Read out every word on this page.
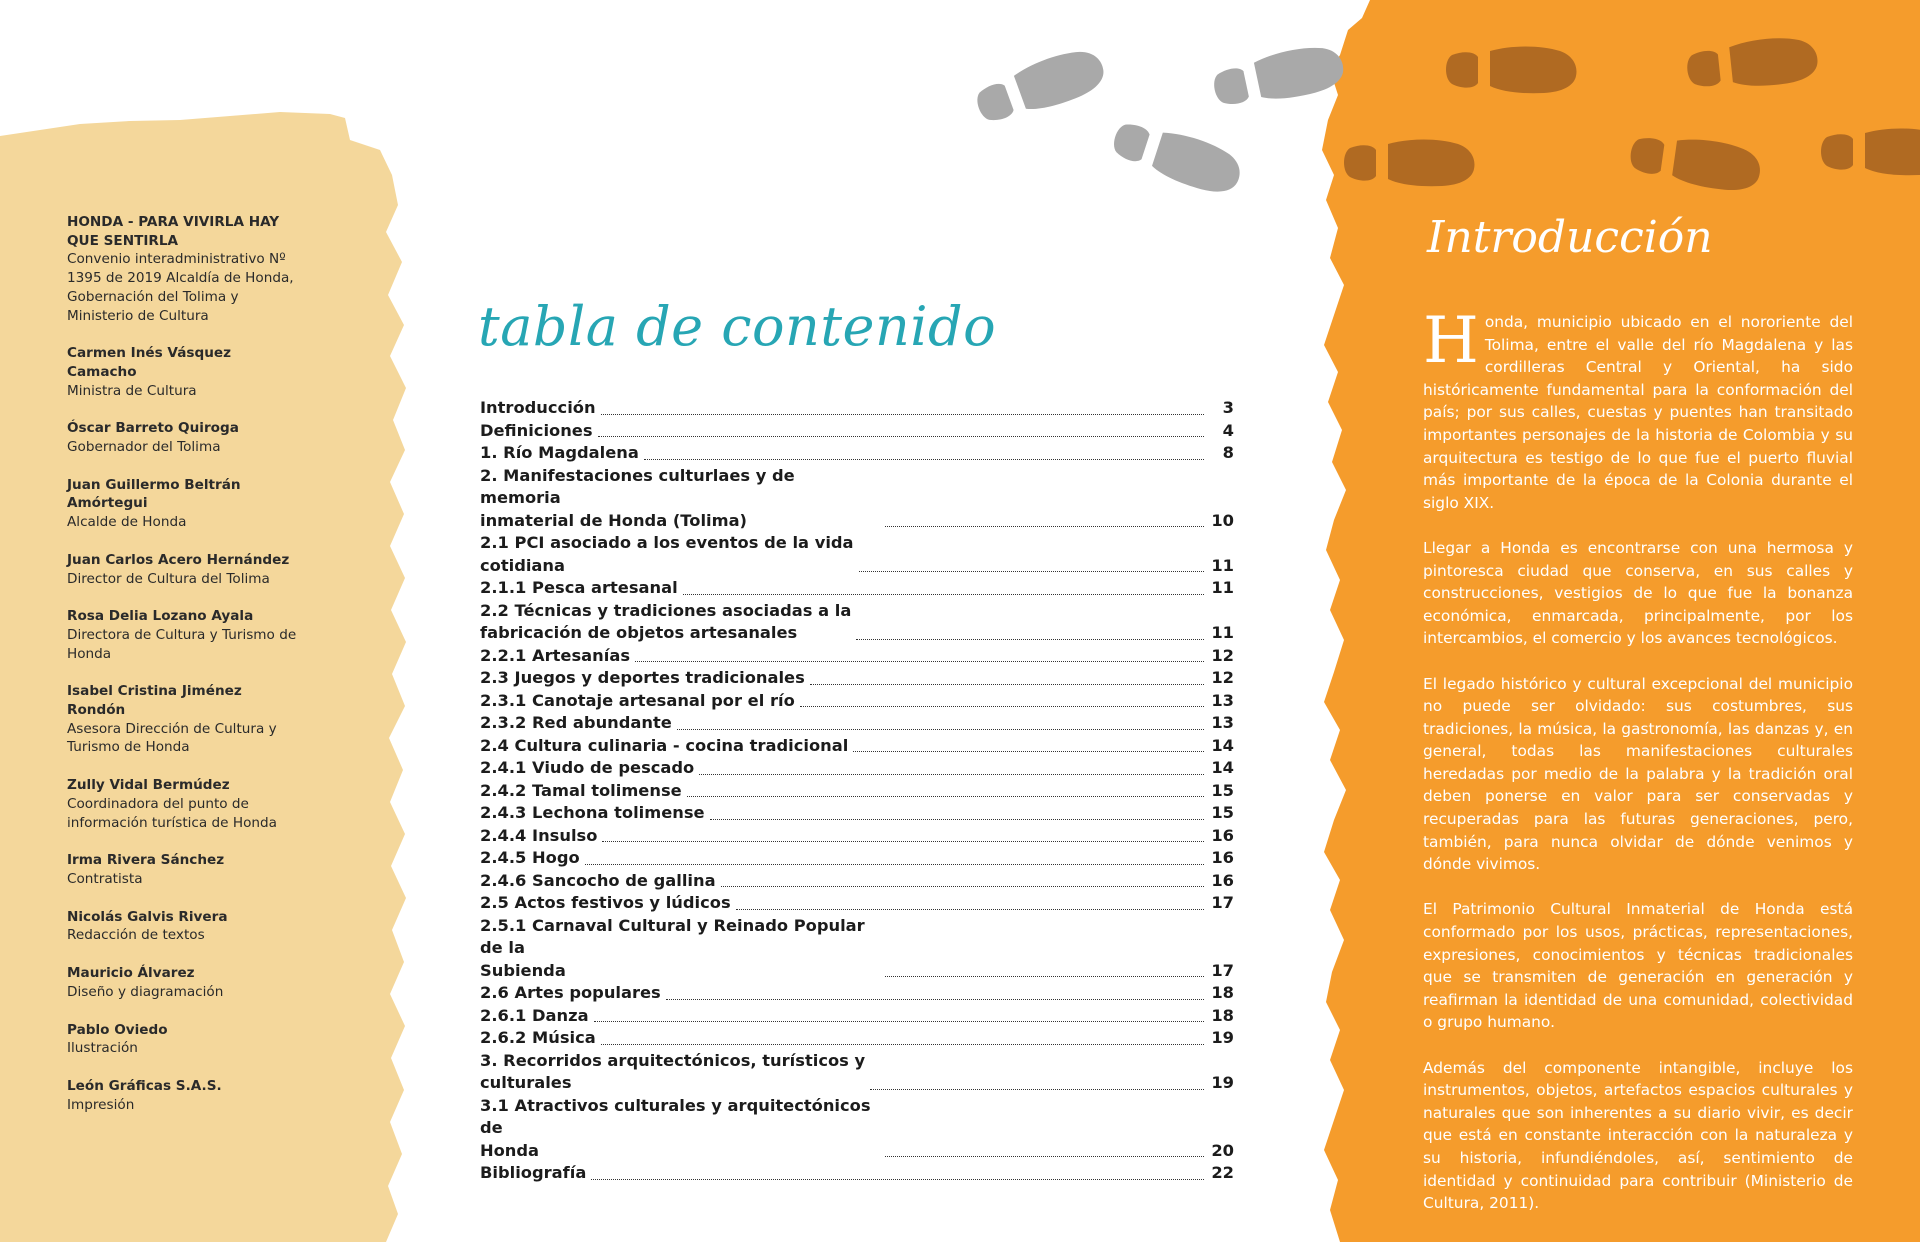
HONDA - PARA VIVIRLA HAY QUE SENTIRLA
Convenio interadministrativo Nº 1395 de 2019 Alcaldía de Honda, Gobernación del Tolima y Ministerio de Cultura
Carmen Inés Vásquez Camacho
Ministra de Cultura
Óscar Barreto Quiroga
Gobernador del Tolima
Juan Guillermo Beltrán Amórtegui
Alcalde de Honda
Juan Carlos Acero Hernández
Director de Cultura del Tolima
Rosa Delia Lozano Ayala
Directora de Cultura y Turismo de Honda
Isabel Cristina Jiménez Rondón
Asesora Dirección de Cultura y Turismo de Honda
Zully Vidal Bermúdez
Coordinadora del punto de información turística de Honda
Irma Rivera Sánchez
Contratista
Nicolás Galvis Rivera
Redacción de textos
Mauricio Álvarez
Diseño y diagramación
Pablo Oviedo
Ilustración
León Gráficas S.A.S.
Impresión
tabla de contenido
Introducción	3
Definiciones	4
1. Río Magdalena	8
2. Manifestaciones culturlaes y de memoria
inmaterial de Honda (Tolima)	10
2.1 PCI asociado a los eventos de la vida
cotidiana	11
2.1.1 Pesca artesanal	11
2.2 Técnicas y tradiciones asociadas a la
fabricación de objetos artesanales	11
2.2.1 Artesanías	12
2.3 Juegos y deportes tradicionales	12
2.3.1 Canotaje artesanal por el río	13
2.3.2 Red abundante	13
2.4 Cultura culinaria - cocina tradicional	14
2.4.1 Viudo de pescado	14
2.4.2 Tamal tolimense	15
2.4.3 Lechona tolimense	15
2.4.4 Insulso	16
2.4.5 Hogo	16
2.4.6 Sancocho de gallina	16
2.5 Actos festivos y lúdicos	17
2.5.1 Carnaval Cultural y Reinado Popular de la
Subienda	17
2.6 Artes populares	18
2.6.1 Danza	18
2.6.2 Música	19
3. Recorridos arquitectónicos, turísticos y
culturales	19
3.1 Atractivos culturales y arquitectónicos de
Honda	20
Bibliografía	22
Introducción

Honda, municipio ubicado en el nororiente del Tolima, entre el valle del río Magdalena y las cordilleras Central y Oriental, ha sido históricamente fundamental para la conformación del país; por sus calles, cuestas y puentes han transitado importantes personajes de la historia de Colombia y su arquitectura es testigo de lo que fue el puerto fluvial más importante de la época de la Colonia durante el siglo XIX.

Llegar a Honda es encontrarse con una hermosa y pintoresca ciudad que conserva, en sus calles y construcciones, vestigios de lo que fue la bonanza económica, enmarcada, principalmente, por los intercambios, el comercio y los avances tecnológicos.

El legado histórico y cultural excepcional del municipio no puede ser olvidado: sus costumbres, sus tradiciones, la música, la gastronomía, las danzas y, en general, todas las manifestaciones culturales heredadas por medio de la palabra y la tradición oral deben ponerse en valor para ser conservadas y recuperadas para las futuras generaciones, pero, también, para nunca olvidar de dónde venimos y dónde vivimos.

El Patrimonio Cultural Inmaterial de Honda está conformado por los usos, prácticas, representaciones, expresiones, conocimientos y técnicas tradicionales que se transmiten de generación en generación y reafirman la identidad de una comunidad, colectividad o grupo humano.

Además del componente intangible, incluye los instrumentos, objetos, artefactos espacios culturales y naturales que son inherentes a su diario vivir, es decir que está en constante interacción con la naturaleza y su historia, infundiéndoles, así, sentimiento de identidad y continuidad para contribuir (Ministerio de Cultura, 2011).
